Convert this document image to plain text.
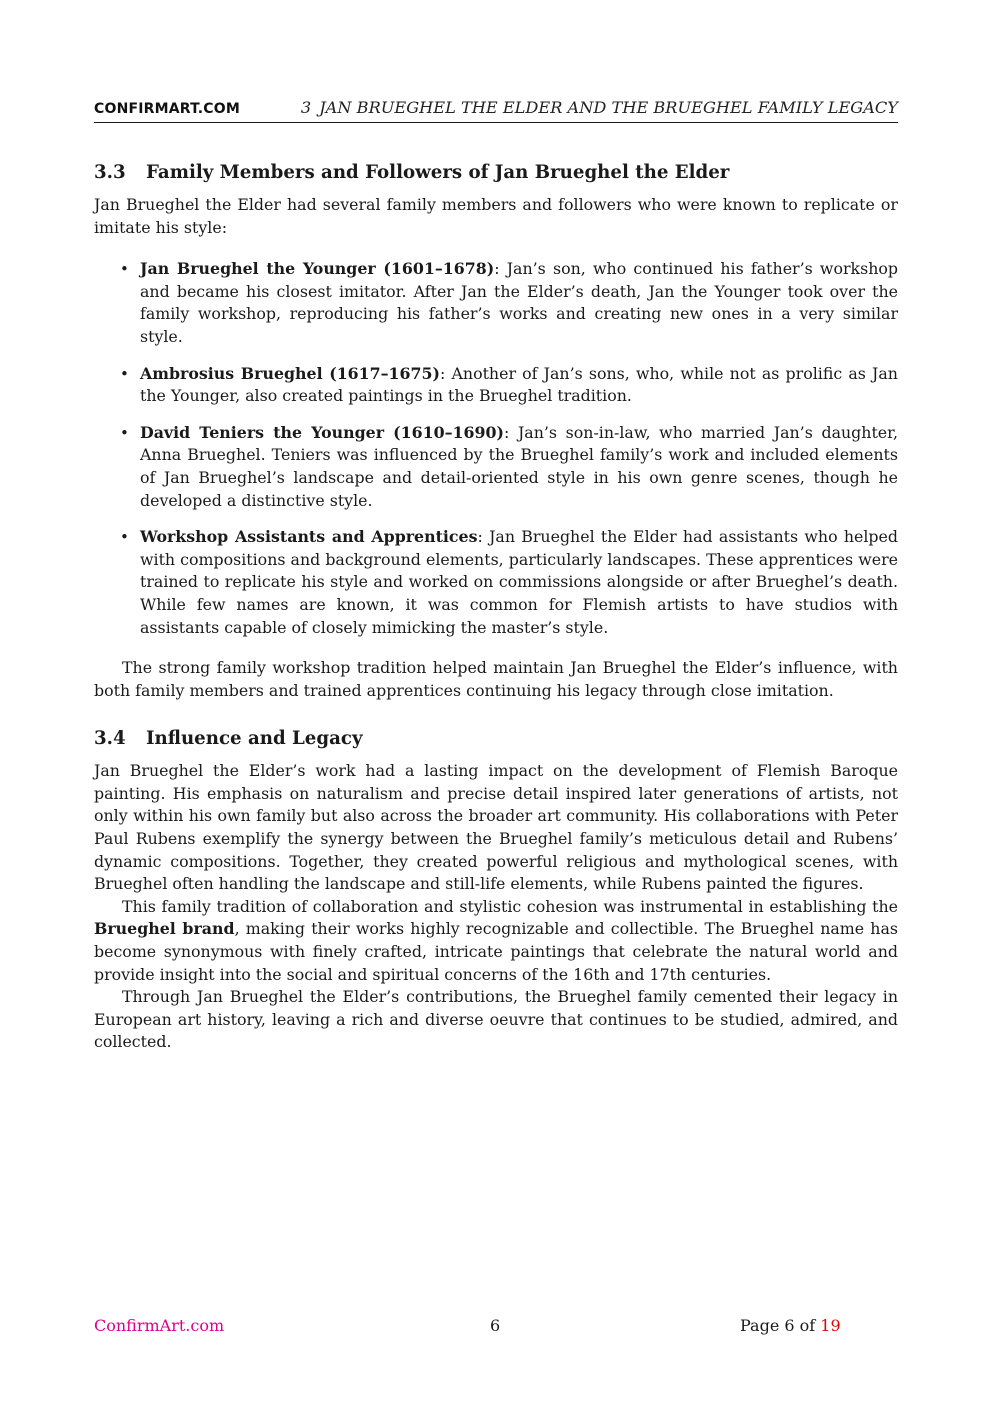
CONFIRMART.COM	3 JAN BRUEGHEL THE ELDER AND THE BRUEGHEL FAMILY LEGACY
3.3 Family Members and Followers of Jan Brueghel the Elder

Jan Brueghel the Elder had several family members and followers who were known to replicate or imitate his style:

• Jan Brueghel the Younger (1601–1678): Jan’s son, who continued his father’s workshop and became his closest imitator. After Jan the Elder’s death, Jan the Younger took over the family workshop, reproducing his father’s works and creating new ones in a very similar style.
• Ambrosius Brueghel (1617–1675): Another of Jan’s sons, who, while not as prolific as Jan the Younger, also created paintings in the Brueghel tradition.
• David Teniers the Younger (1610–1690): Jan’s son-in-law, who married Jan’s daughter, Anna Brueghel. Teniers was influenced by the Brueghel family’s work and included elements of Jan Brueghel’s landscape and detail-oriented style in his own genre scenes, though he developed a distinctive style.
• Workshop Assistants and Apprentices: Jan Brueghel the Elder had assistants who helped with compositions and background elements, particularly landscapes. These apprentices were trained to replicate his style and worked on commissions alongside or after Brueghel’s death. While few names are known, it was common for Flemish artists to have studios with assistants capable of closely mimicking the master’s style.

The strong family workshop tradition helped maintain Jan Brueghel the Elder’s influence, with both family members and trained apprentices continuing his legacy through close imitation.

3.4 Influence and Legacy

Jan Brueghel the Elder’s work had a lasting impact on the development of Flemish Baroque painting. His emphasis on naturalism and precise detail inspired later generations of artists, not only within his own family but also across the broader art community. His collaborations with Peter Paul Rubens exemplify the synergy between the Brueghel family’s meticulous detail and Rubens’ dynamic compositions. Together, they created powerful religious and mythological scenes, with Brueghel often handling the landscape and still-life elements, while Rubens painted the figures.

This family tradition of collaboration and stylistic cohesion was instrumental in establishing the Brueghel brand, making their works highly recognizable and collectible. The Brueghel name has become synonymous with finely crafted, intricate paintings that celebrate the natural world and provide insight into the social and spiritual concerns of the 16th and 17th centuries.

Through Jan Brueghel the Elder’s contributions, the Brueghel family cemented their legacy in European art history, leaving a rich and diverse oeuvre that continues to be studied, admired, and collected.

ConfirmArt.com	6	Page 6 of 19
